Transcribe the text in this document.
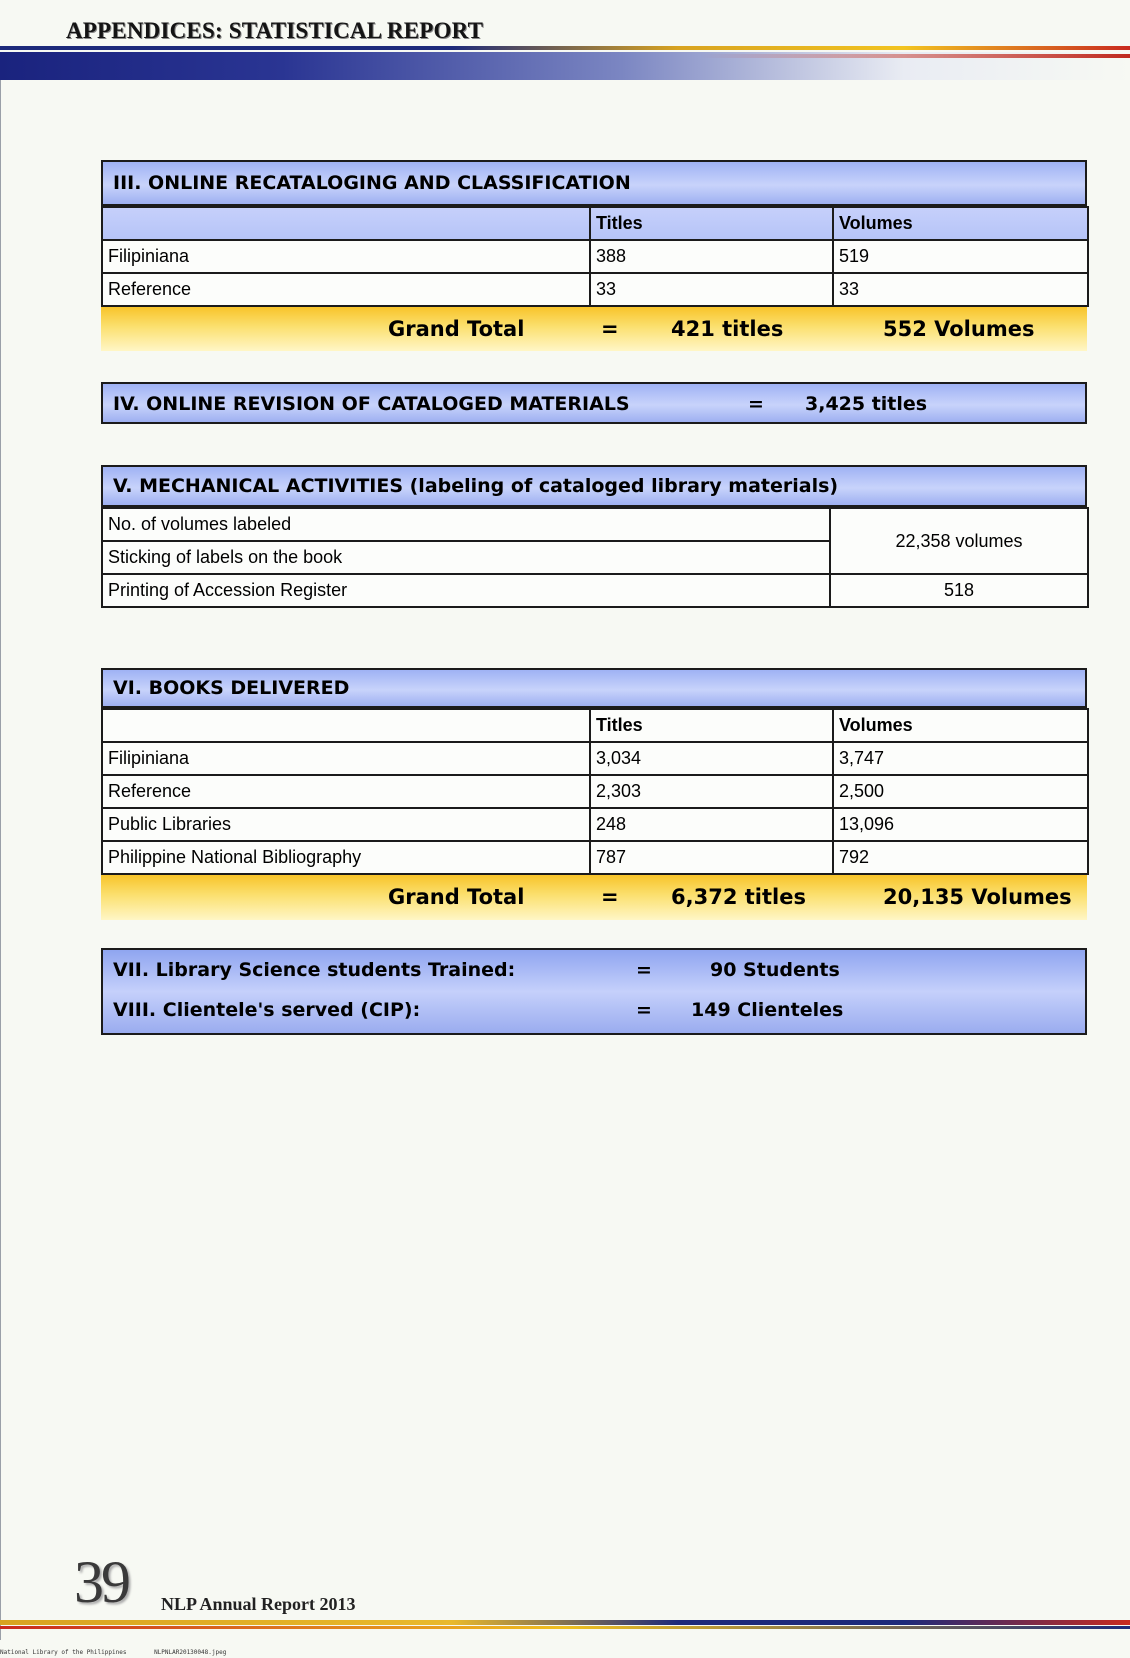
APPENDICES: STATISTICAL REPORT
III. ONLINE RECATALOGING AND CLASSIFICATION
	Titles	Volumes
Filipiniana	388	519
Reference	33	33
Grand Total	= 421 titles	552 Volumes
IV. ONLINE REVISION OF CATALOGED MATERIALS	= 3,425 titles
V. MECHANICAL ACTIVITIES (labeling of cataloged library materials)
No. of volumes labeled	22,358 volumes
Sticking of labels on the book	
Printing of Accession Register	518
VI. BOOKS DELIVERED
	Titles	Volumes
Filipiniana	3,034	3,747
Reference	2,303	2,500
Public Libraries	248	13,096
Philippine National Bibliography	787	792
Grand Total	= 6,372 titles	20,135 Volumes
VII. Library Science students Trained:	=	90 Students
VIII. Clientele's served (CIP):	= 149 Clienteles
39 NLP Annual Report 2013
National Library of the Philippines	NLPNLAR20130048.jpeg
